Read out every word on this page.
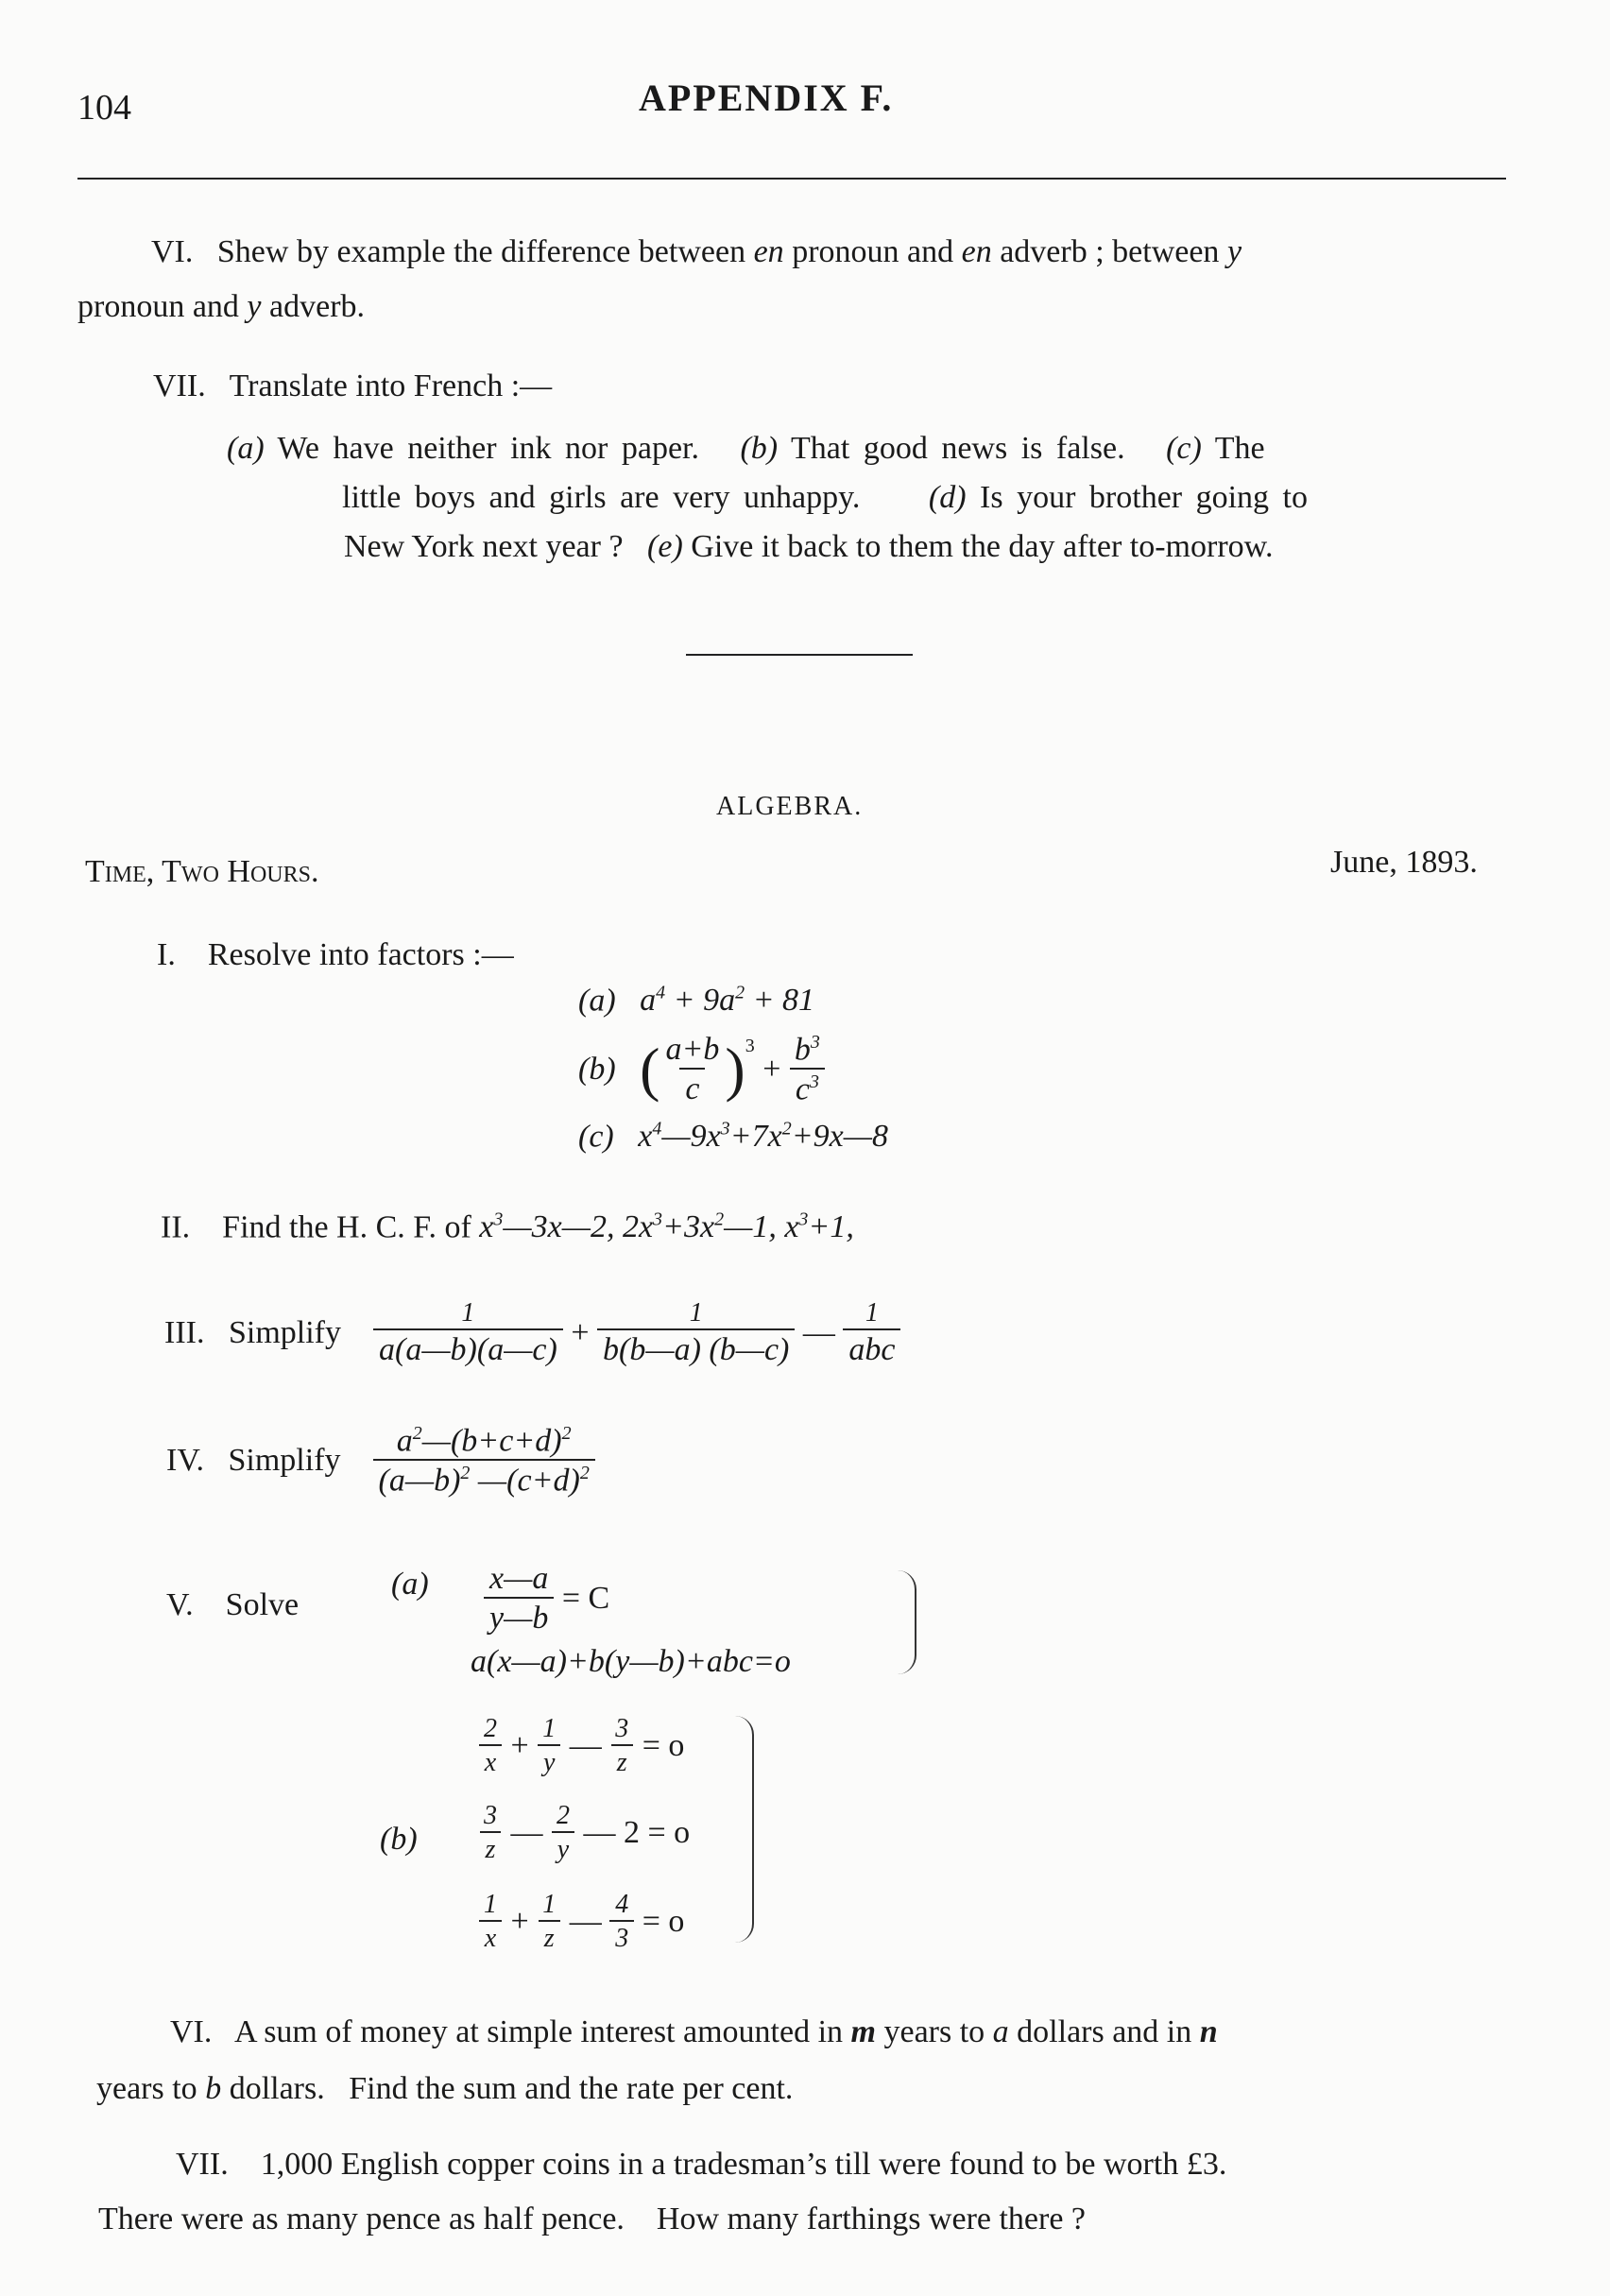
104	APPENDIX F.
VI. Shew by example the difference between en pronoun and en adverb ; between y
pronoun and y adverb.
VII. Translate into French :—
(a) We have neither ink nor paper. (b) That good news is false. (c) The
little boys and girls are very unhappy. (d) Is your brother going to
New York next year ? (e) Give it back to them the day after to-morrow.
ALGEBRA.
Time, Two Hours.	June, 1893.
I. Resolve into factors :—
(a) $a^4 + 9a^2 + 81$
(b)
( $\frac{a+b}{c} )^3$
+ $\frac{b^3}{c^3}$
(c) $x^4—9x^3+7x^2+9x—8$
II. Find the H. C. F. of $x^3—3x—2$, $2x^3+3x^2—1$, $x^3+1$,
III.
Simplify
$\frac{1}{a(a—b)(a—c)} + \frac{1}{b(b—a) (b—c)}$ — $\frac{1}{\text{abc}}$
IV.
Simplify
$\frac{a^2—(b+c+d)^2}{(a—b)^2 —(c+d)^2}$
V. Solve
$(a) \frac{x—a}{y—b} = C$
a(x—a)+b(y—b)+abc=o
(b)
$\frac{2}{x} + \frac{1}{y}$ — $\frac{3}{z} = o$
$\frac{3}{z}$ — $\frac{2}{y}$ — 2 = o
$\frac{1}{x} + \frac{1}{z}$ — $\frac{4}{3} = o$
VI. A sum of money at simple interest amounted in m years to a dollars and in n
years to b dollars. Find the sum and the rate per cent.
VII. 1,000 English copper coins in a tradesman’s till were found to be worth £3.
There were as many pence as half pence. How many farthings were there ?
